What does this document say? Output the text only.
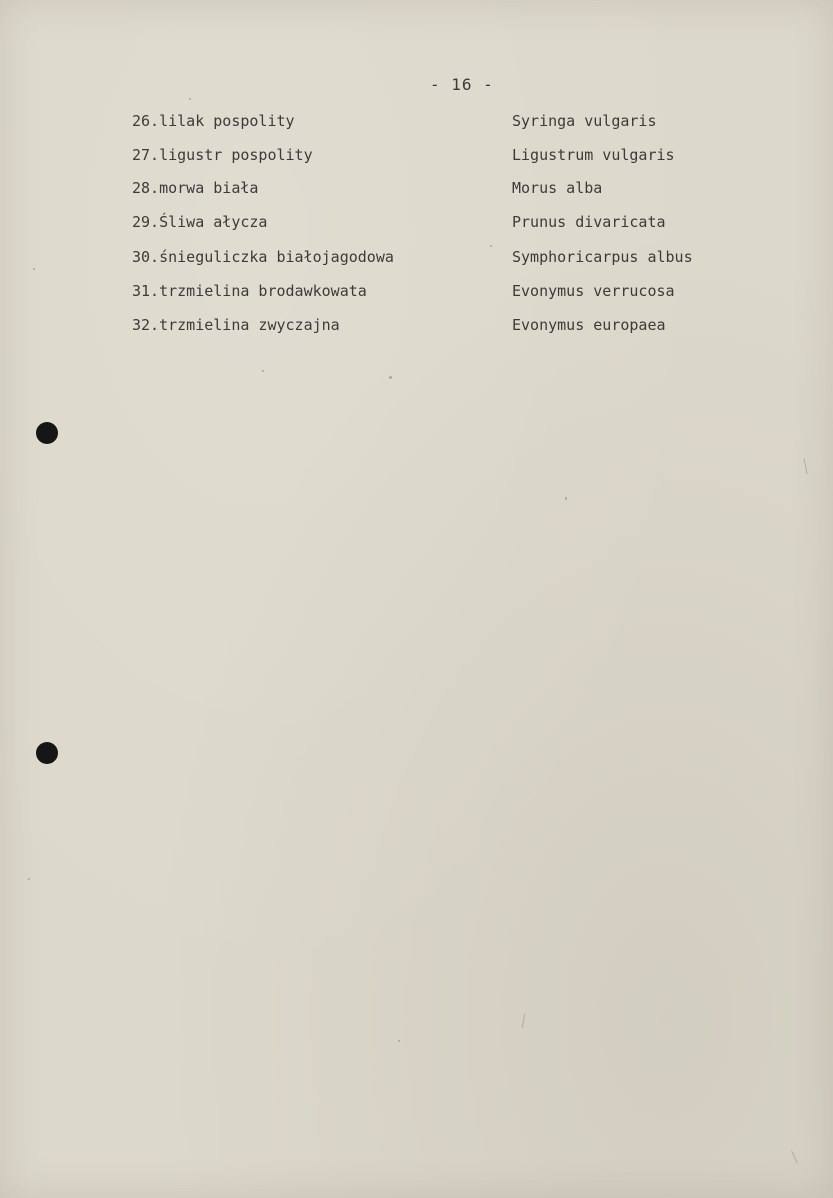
- 16 -
26.lilak pospolity	Syringa vulgaris
27.ligustr pospolity	Ligustrum vulgaris
28.morwa biała	Morus alba
29.Śliwa ałycza	Prunus divaricata
30.śnieguliczka białojagodowa	Symphoricarpus albus
31.trzmielina brodawkowata	Evonymus verrucosa
32.trzmielina zwyczajna	Evonymus europaea
